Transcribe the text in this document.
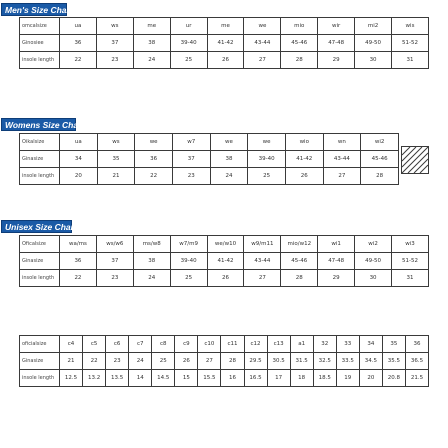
Men's Size Chart
omcalsize	ua	ws	me	ur	me	we	mio	wir	mi2	wis
Ginosiee	36	37	38	39-40	41-42	43-44	45-46	47-48	49-50	51-52
insole length	22	23	24	25	26	27	28	29	30	31
Womens Size Chart
Oikalsize	ua	ws	we	w7	we	we	wio	wn	wi2
Ginasize	34	35	36	37	38	39-40	41-42	43-44	45-46
insole length	20	21	22	23	24	25	26	27	28
Unisex Size Chart
Oficalsize	wa/ms	ws/w6	ms/w8	w7/m9	we/w10	w9/m11	mio/w12	wi1	wi2	wi3
Ginasize	36	37	38	39-40	41-42	43-44	45-46	47-48	49-50	51-52
insole length	22	23	24	25	26	27	28	29	30	31
oficialsize	c4	c5	c6	c7	c8	c9	c10	c11	c12	c13	a1	32	33	34	35	36
Ginasize	21	22	23	24	25	26	27	28	29.5	30.5	31.5	32.5	33.5	34.5	35.5	36.5
insole length	12.5	13.2	13.5	14	14.5	15	15.5	16	16.5	17	18	18.5	19	20	20.8	21.5
